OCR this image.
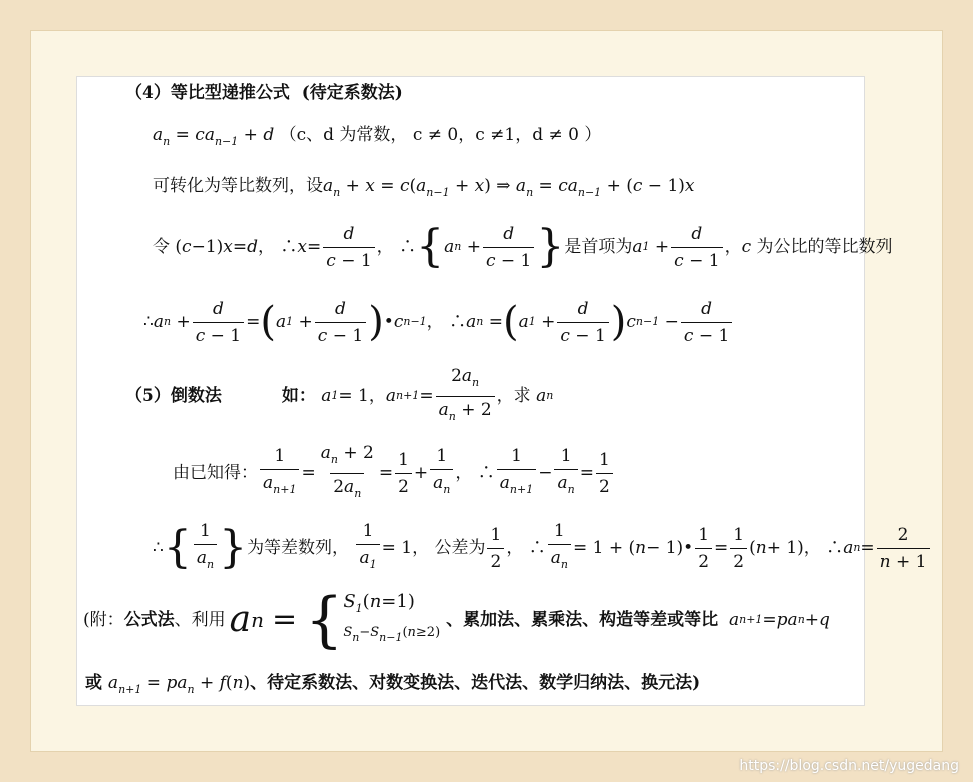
（4）等比型递推公式 (待定系数法)
$a_n = ca_{n-1} + d$ （c、d 为常数， c ≠ 0，c ≠1，d ≠ 0 ）
可转化为等比数列，设$a_n + x = c(a_{n-1} + x)$ ⇒ $a_n = ca_{n-1} + (c - 1)x$
令 ( c −1) x = d ， ∴ $x = \frac{d}{c - 1}$ ， ∴ { a $n + \frac{d}{c - 1}$ } 是首项为 a $1 + \frac{d}{c - 1}$ ， c
为公比的等比数列
∴ a $n + \frac{d}{c - 1}$ = ( a $1 + \frac{d}{c - 1}$ ) • c n−1 ， ∴ a n = ( a $1 + \frac{d}{c - 1}$ ) c $n-1 - \frac{d}{c - 1}$
（5） 倒数法	如：
a 1 = 1， a $n+1 = \frac{2a_n}{a_n + 2}$ ，求
a n
由已知得： $\frac{1}{a_{n+1}} = \frac{a_n + 2}{2a_n} = \frac{1}{2} + \frac{1}{a_n}$ ， ∴ $\frac{1}{a_{n+1}} - \frac{1}{a_n} = \frac{1}{2}$
∴ { $\frac{1}{a_n}$ } 为等差数列，
$\frac{1}{a_1} = 1$， 公差为 $\frac{1}{2}$ ， ∴ $\frac{1}{a_n} = 1$ + ( n − 1)• $\frac{1}{2} = \frac{1}{2}$ ( n + 1)， ∴ a $n = \frac{2}{n + 1}$
(附： 公式法 、利用 a n = { $S_1(n=1)$
$S_n-S_{n-1}(n\ge 2)$
、累加法、累乘法、构造等差或等比
a n+1 = pa n + q
或 $a_{n+1} = pa_n + f(n)$、待定系数法、对数变换法、迭代法、数学归纳法、换元法)
https://blog.csdn.net/yugedang
